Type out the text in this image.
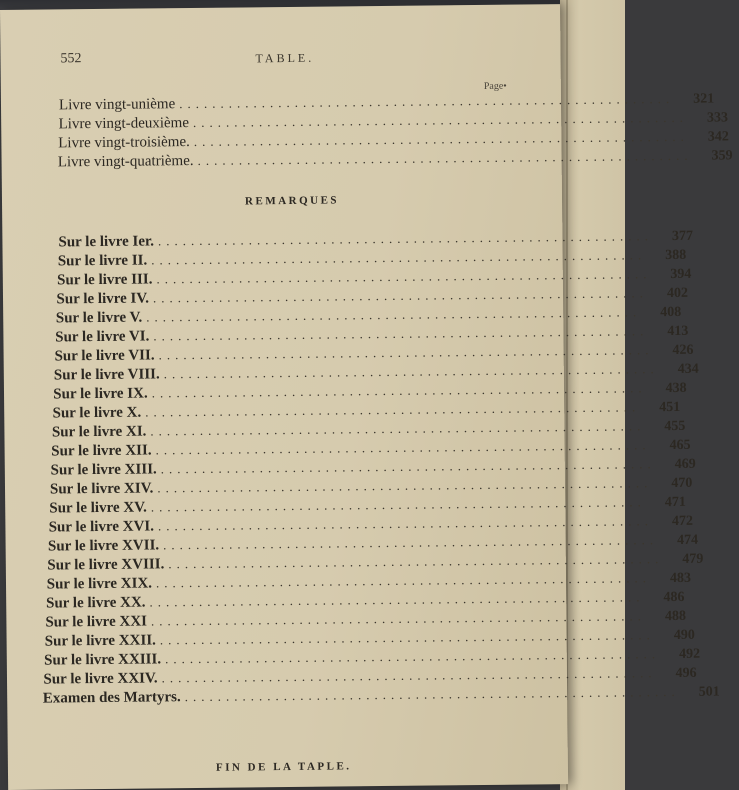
552	TABLE.
Page•
Livre vingt-unième ............................................................	321
Livre vingt-deuxième ............................................................	333
Livre vingt-troisième. ............................................................	342
Livre vingt-quatrième. ............................................................	359
REMARQUES
Sur le livre Ier. ............................................................	377
Sur le livre II. ............................................................	388
Sur le livre III. ............................................................	394
Sur le livre IV. ............................................................	402
Sur le livre V. ............................................................	408
Sur le livre VI. ............................................................	413
Sur le livre VII. ............................................................	426
Sur le livre VIII. ............................................................	434
Sur le livre IX. ............................................................	438
Sur le livre X. ............................................................	451
Sur le livre XI. ............................................................	455
Sur le livre XII. ............................................................	465
Sur le livre XIII. ............................................................	469
Sur le livre XIV. ............................................................	470
Sur le livre XV. ............................................................	471
Sur le livre XVI. ............................................................	472
Sur le livre XVII. ............................................................	474
Sur le livre XVIII. ............................................................	479
Sur le livre XIX. ............................................................	483
Sur le livre XX. ............................................................	486
Sur le livre XXI ............................................................	488
Sur le livre XXII. ............................................................	490
Sur le livre XXIII. ............................................................	492
Sur le livre XXIV. ............................................................	496
Examen des Martyrs. ............................................................	501
FIN DE LA TAPLE.
